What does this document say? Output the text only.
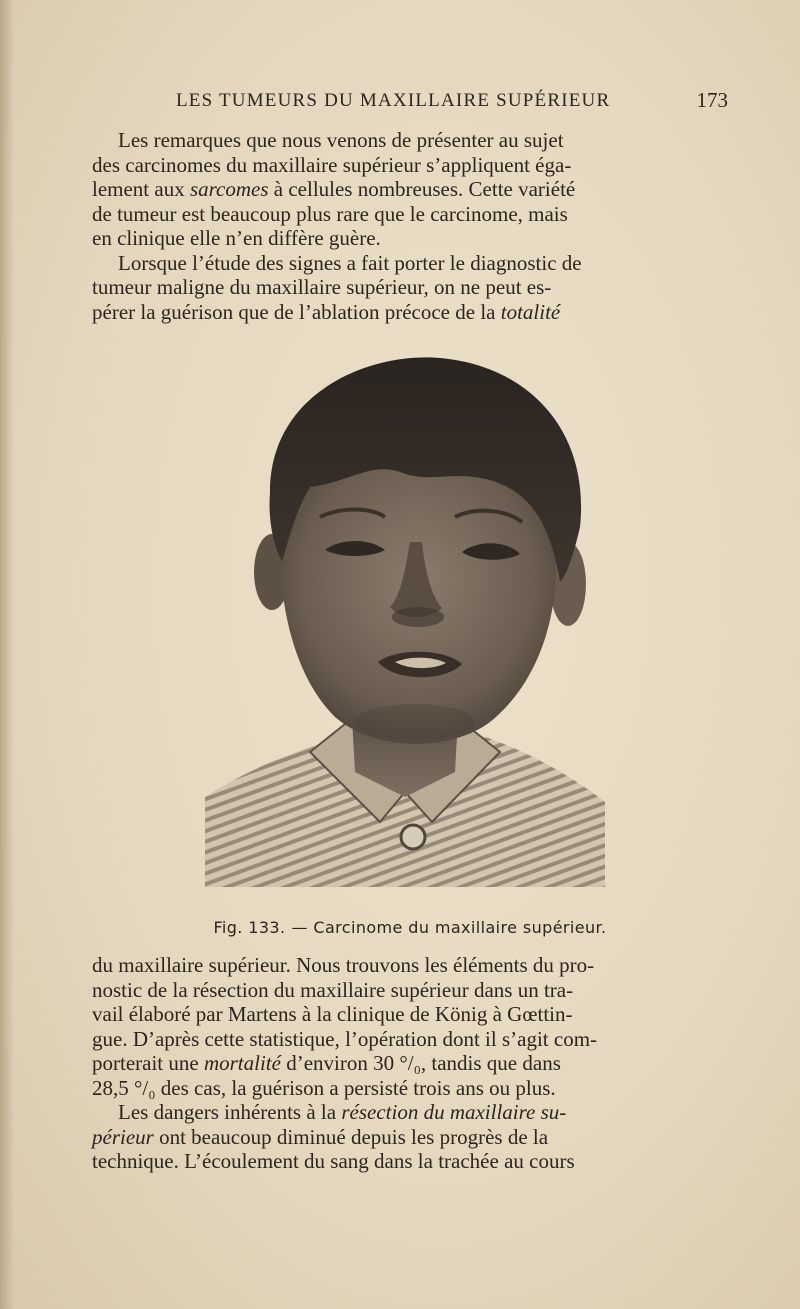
LES TUMEURS DU MAXILLAIRE SUPÉRIEUR	173
Les remarques que nous venons de présenter au sujet
des carcinomes du maxillaire supérieur s’appliquent éga-
lement aux sarcomes à cellules nombreuses. Cette variété
de tumeur est beaucoup plus rare que le carcinome, mais
en clinique elle n’en diffère guère.
Lorsque l’étude des signes a fait porter le diagnostic de
tumeur maligne du maxillaire supérieur, on ne peut es-
pérer la guérison que de l’ablation précoce de la totalité
Fig. 133. — Carcinome du maxillaire supérieur.
du maxillaire supérieur. Nous trouvons les éléments du pro-
nostic de la résection du maxillaire supérieur dans un tra-
vail élaboré par Martens à la clinique de König à Gœttin-
gue. D’après cette statistique, l’opération dont il s’agit com-
porterait une mortalité d’environ 30 °/₀, tandis que dans
28,5 °/₀ des cas, la guérison a persisté trois ans ou plus.
Les dangers inhérents à la résection du maxillaire su-
périeur ont beaucoup diminué depuis les progrès de la
technique. L’écoulement du sang dans la trachée au cours
